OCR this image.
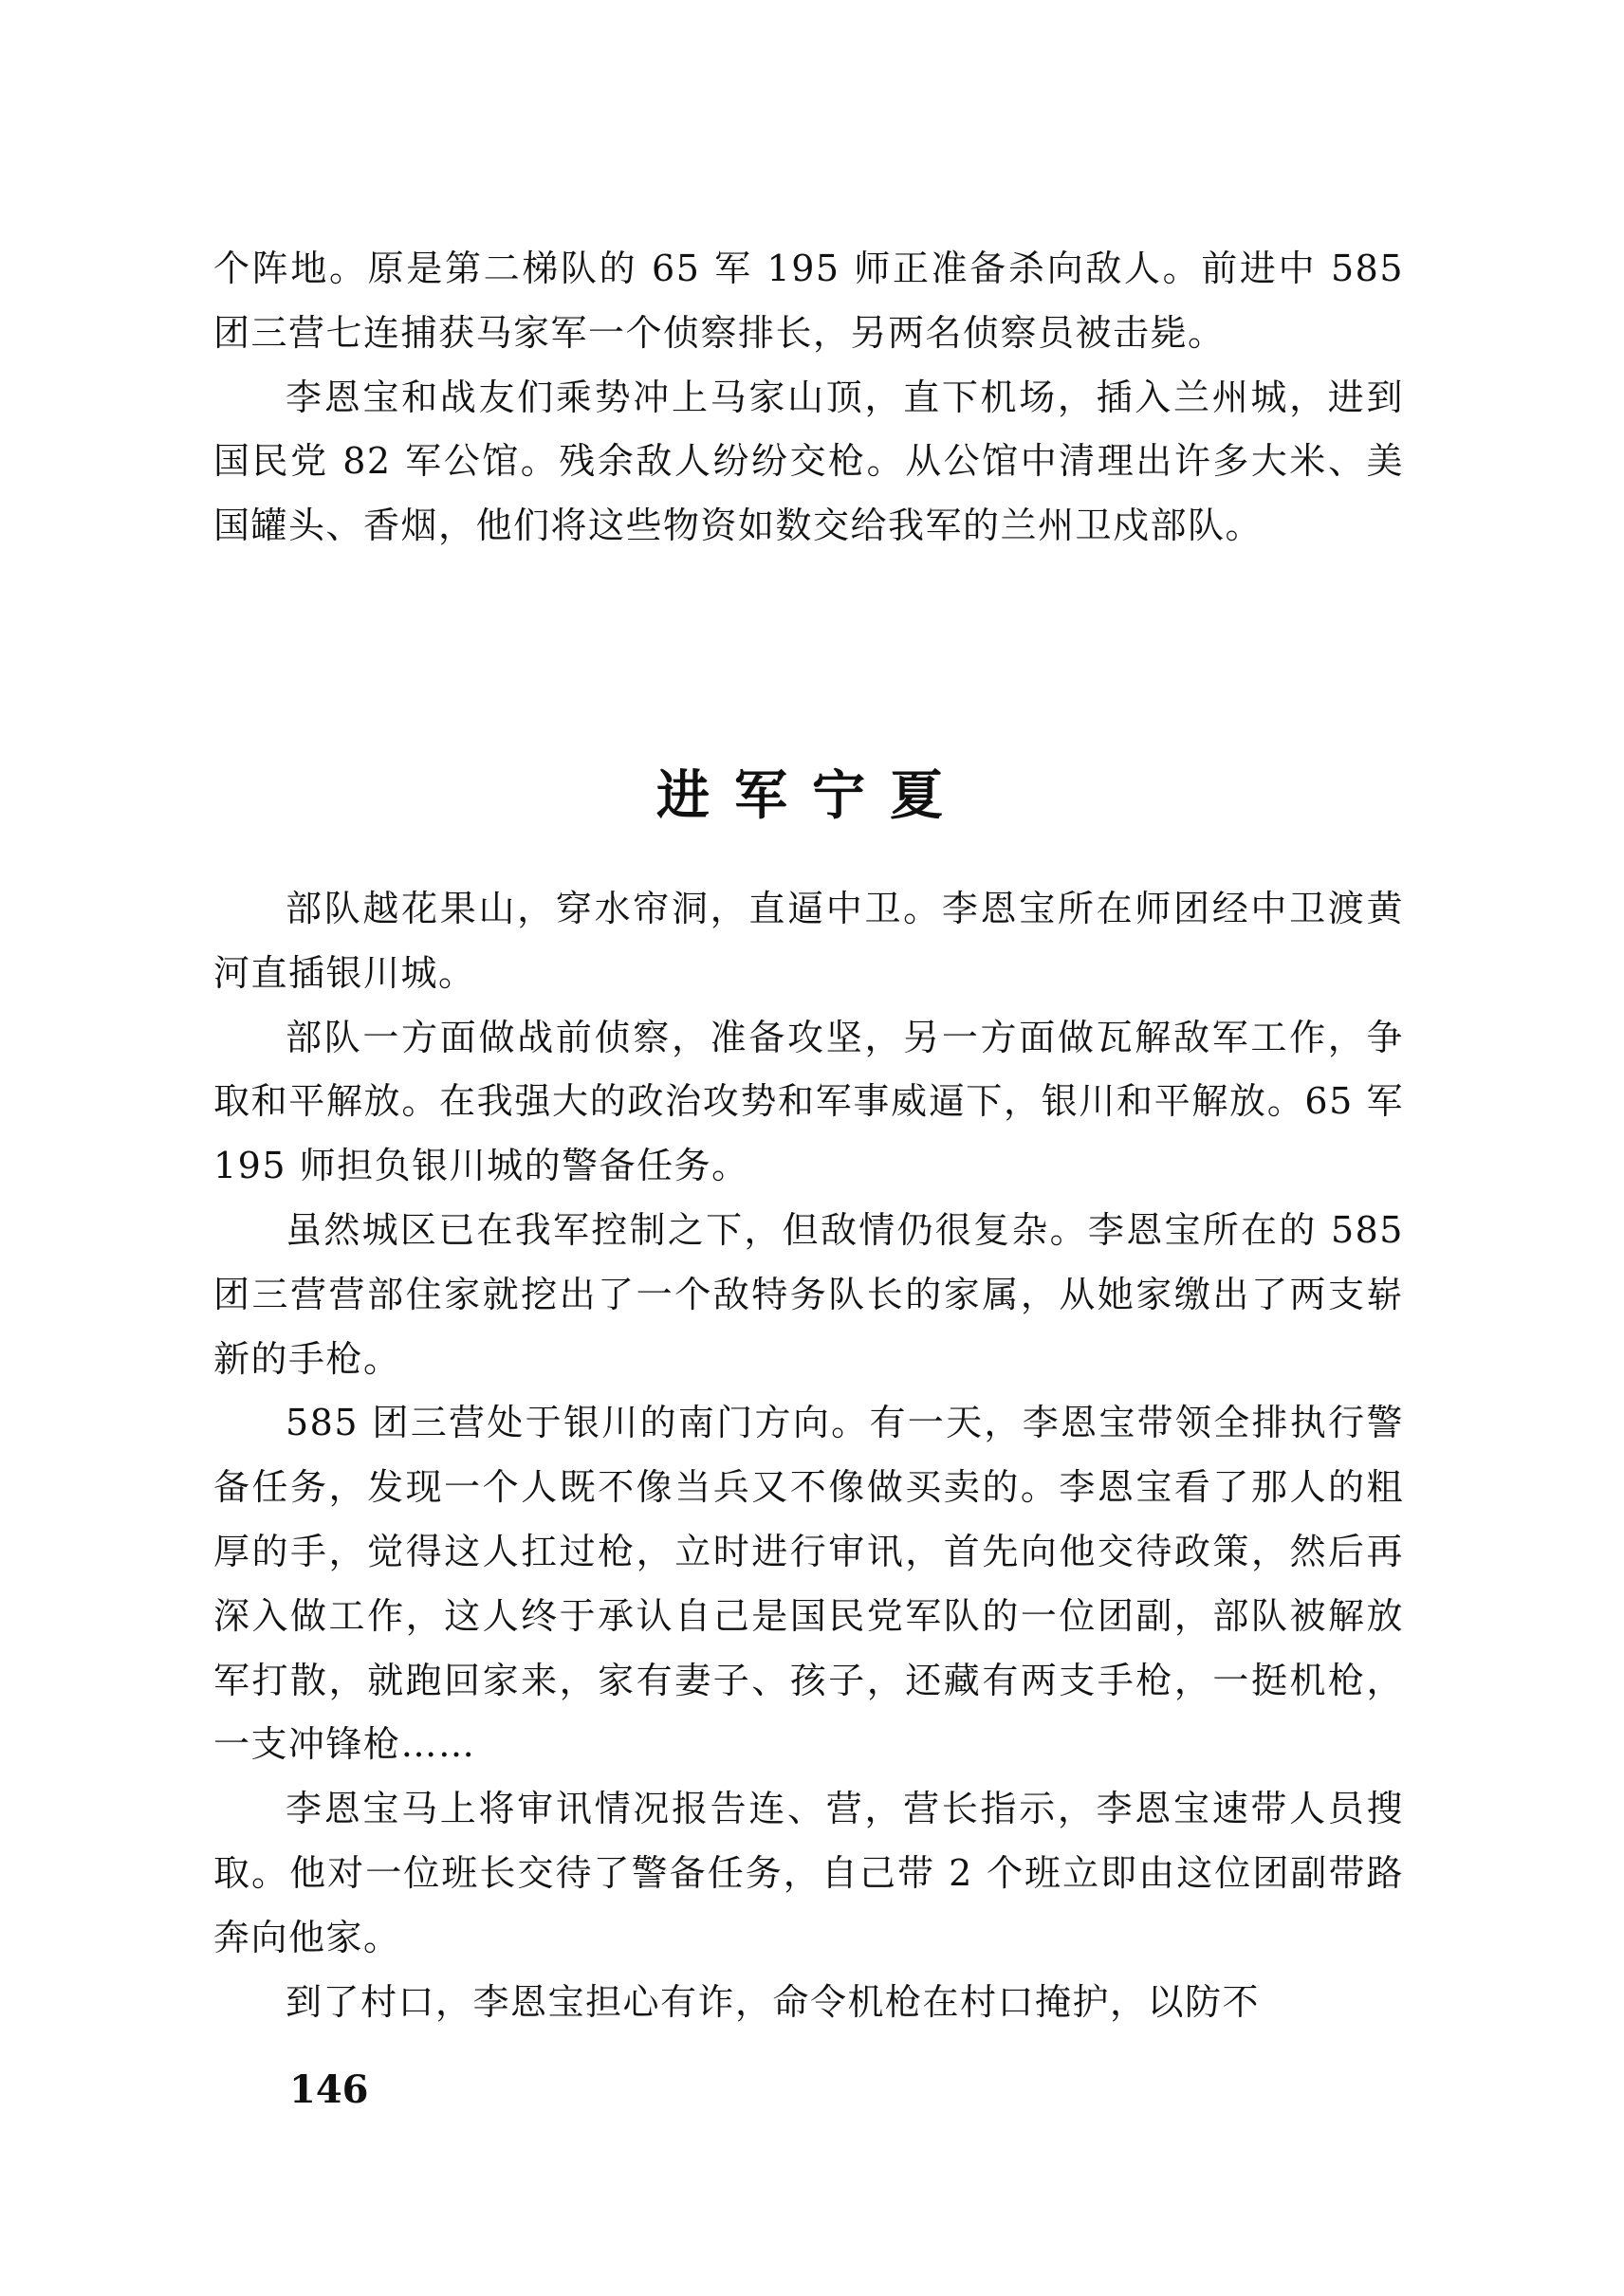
个阵地。原是第二梯队的 65 军 195 师正准备杀向敌人。前进中 585 团三营七连捕获马家军一个侦察排长，另两名侦察员被击毙。

李恩宝和战友们乘势冲上马家山顶，直下机场，插入兰州城，进到国民党 82 军公馆。残余敌人纷纷交枪。从公馆中清理出许多大米、美国罐头、香烟，他们将这些物资如数交给我军的兰州卫戍部队。

进军宁夏

部队越花果山，穿水帘洞，直逼中卫。李恩宝所在师团经中卫渡黄河直插银川城。

部队一方面做战前侦察，准备攻坚，另一方面做瓦解敌军工作，争取和平解放。在我强大的政治攻势和军事威逼下，银川和平解放。65 军 195 师担负银川城的警备任务。

虽然城区已在我军控制之下，但敌情仍很复杂。李恩宝所在的 585 团三营营部住家就挖出了一个敌特务队长的家属，从她家缴出了两支崭新的手枪。

585 团三营处于银川的南门方向。有一天，李恩宝带领全排执行警备任务，发现一个人既不像当兵又不像做买卖的。李恩宝看了那人的粗厚的手，觉得这人扛过枪，立时进行审讯，首先向他交待政策，然后再深入做工作，这人终于承认自己是国民党军队的一位团副，部队被解放军打散，就跑回家来，家有妻子、孩子，还藏有两支手枪，一挺机枪，一支冲锋枪……

李恩宝马上将审讯情况报告连、营，营长指示，李恩宝速带人员搜取。他对一位班长交待了警备任务，自己带 2 个班立即由这位团副带路奔向他家。

到了村口，李恩宝担心有诈，命令机枪在村口掩护，以防不

146
